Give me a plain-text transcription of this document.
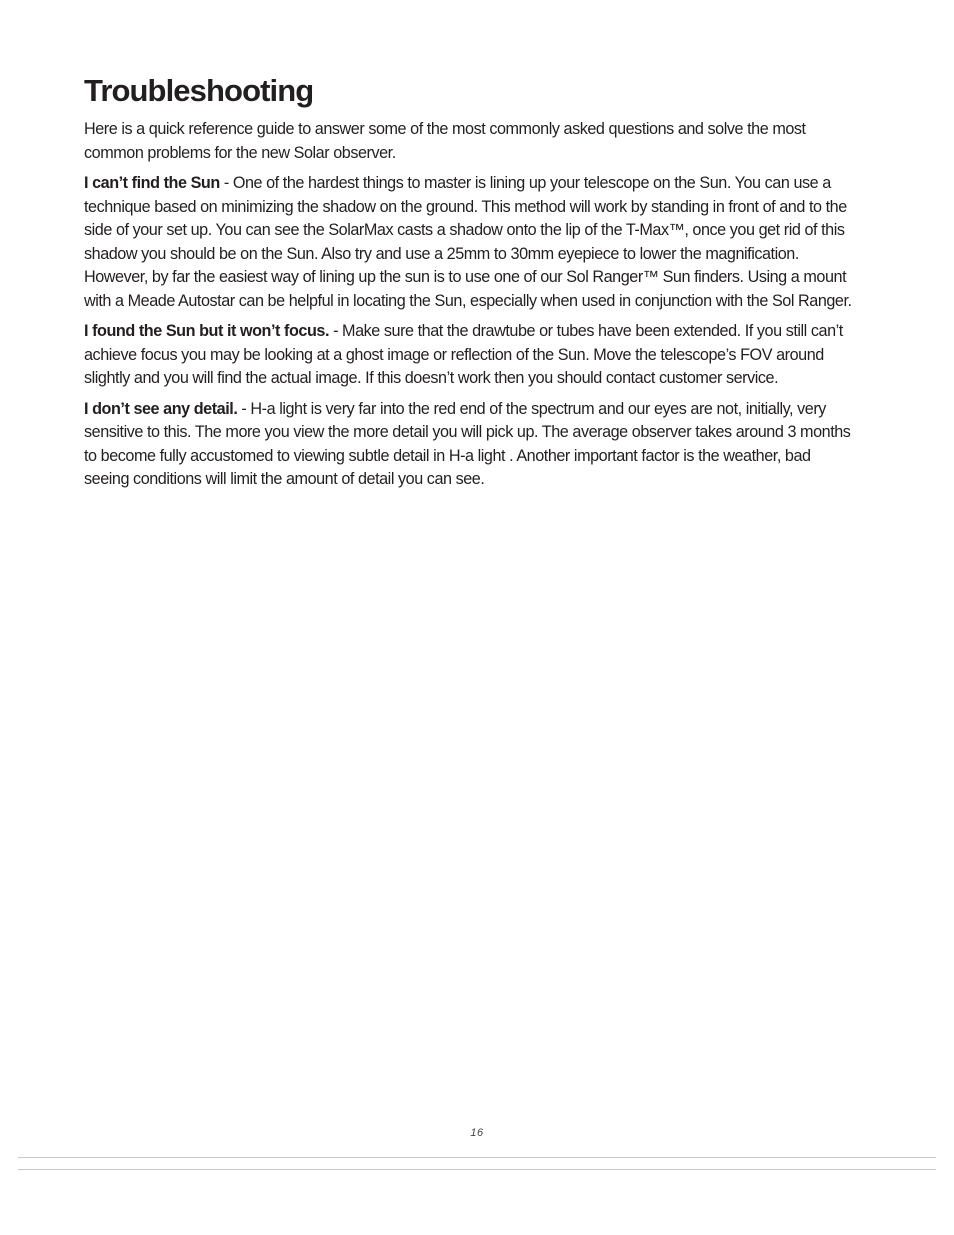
Troubleshooting

Here is a quick reference guide to answer some of the most commonly asked questions and solve the most common problems for the new Solar observer.

I can’t find the Sun - One of the hardest things to master is lining up your telescope on the Sun. You can use a technique based on minimizing the shadow on the ground. This method will work by standing in front of and to the side of your set up. You can see the SolarMax casts a shadow onto the lip of the T-Max™, once you get rid of this shadow you should be on the Sun. Also try and use a 25mm to 30mm eyepiece to lower the magnification. However, by far the easiest way of lining up the sun is to use one of our Sol Ranger™ Sun finders. Using a mount with a Meade Autostar can be helpful in locating the Sun, especially when used in conjunction with the Sol Ranger.

I found the Sun but it won’t focus. - Make sure that the drawtube or tubes have been extended. If you still can’t achieve focus you may be looking at a ghost image or reflection of the Sun. Move the telescope’s FOV around slightly and you will find the actual image. If this doesn’t work then you should contact customer service.

I don’t see any detail. - H-a light is very far into the red end of the spectrum and our eyes are not, initially, very sensitive to this. The more you view the more detail you will pick up. The average observer takes around 3 months to become fully accustomed to viewing subtle detail in H-a light . Another important factor is the weather, bad seeing conditions will limit the amount of detail you can see.

16
